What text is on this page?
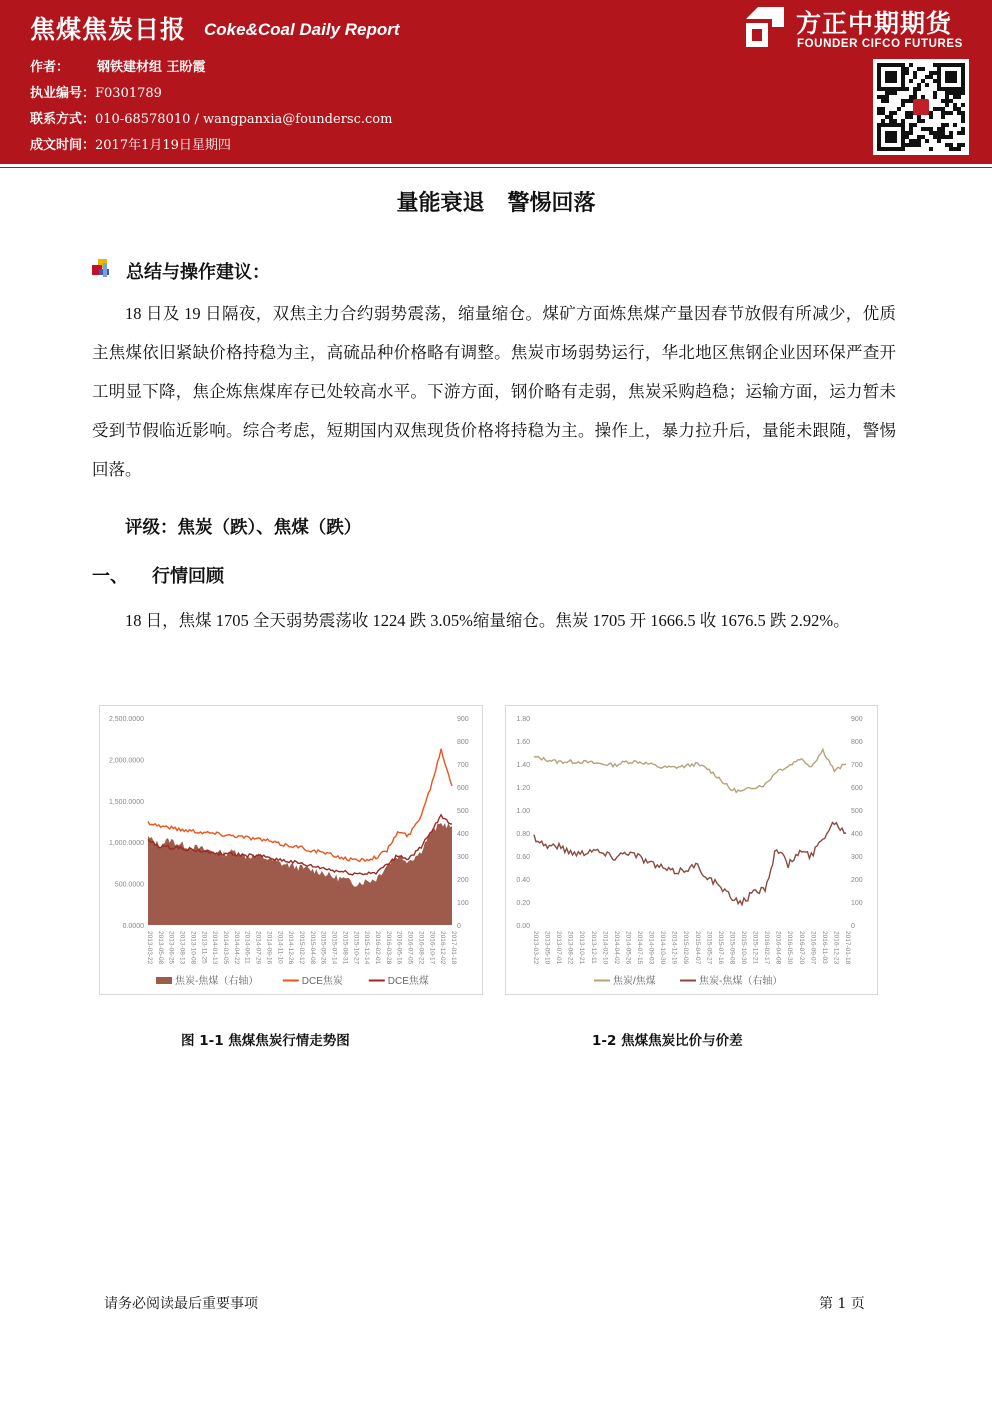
焦煤焦炭日报 Coke&Coal Daily Report
作者： 钢铁建材组 王盼霞
执业编号：F0301789
联系方式：010-68578010 / wangpanxia@foundersc.com
成文时间：2017年1月19日星期四
方正中期期货
FOUNDER CIFCO FUTURES
量能衰退   警惕回落
总结与操作建议：
18 日及 19 日隔夜，双焦主力合约弱势震荡，缩量缩仓。煤矿方面炼焦煤产量因春节放假有所减少，优质主焦煤依旧紧缺价格持稳为主，高硫品种价格略有调整。焦炭市场弱势运行，华北地区焦钢企业因环保严查开工明显下降，焦企炼焦煤库存已处较高水平。下游方面，钢价略有走弱，焦炭采购趋稳；运输方面，运力暂未受到节假临近影响。综合考虑，短期国内双焦现货价格将持稳为主。操作上，暴力拉升后，量能未跟随，警惕回落。
评级：焦炭（跌）、焦煤（跌）
一、 行情回顾
18 日，焦煤 1705 全天弱势震荡收 1224 跌 3.05%缩量缩仓。焦炭 1705 开 1666.5 收 1676.5 跌 2.92%。
2,500.0000
2,000.0000
1,500.0000
1,000.0000
500.0000
0.0000
900
800
700
600
500
400
300
200
100
0
2013-03-22 2013-05-08 2013-06-25 2013-08-13 2013-10-08 2013-11-25 2014-01-13 2014-03-05 2014-04-22 2014-06-11 2014-07-29 2014-09-16 2014-11-10 2014-12-26 2015-02-12 2015-04-08 2015-05-26 2015-07-14 2015-08-31 2015-10-27 2015-12-14 2016-02-01 2016-03-28 2016-05-16 2016-07-05 2016-08-22 2016-10-17 2016-12-02 2017-01-18
焦炭-焦煤（右轴）	DCE焦炭	DCE焦煤
图 1-1 焦煤焦炭行情走势图
1.80
1.60
1.40
1.20
1.00
0.80
0.60
0.40
0.20
0.00
900
800
700
600
500
400
300
200
100
0
2013-03-22 2013-05-10 2013-07-01 2013-08-22 2013-10-21 2013-12-11 2014-02-10 2014-04-02 2014-05-26 2014-07-15 2014-09-03 2014-10-30 2014-12-19 2015-02-09 2015-04-07 2015-05-27 2015-07-16 2015-09-08 2015-10-30 2015-12-21 2016-02-17 2016-04-08 2016-05-30 2016-07-20 2016-09-07 2016-11-03 2016-12-23 2017-01-18
焦炭/焦煤	焦炭-焦煤（右轴）
1-2 焦煤焦炭比价与价差
请务必阅读最后重要事项	第 1 页
